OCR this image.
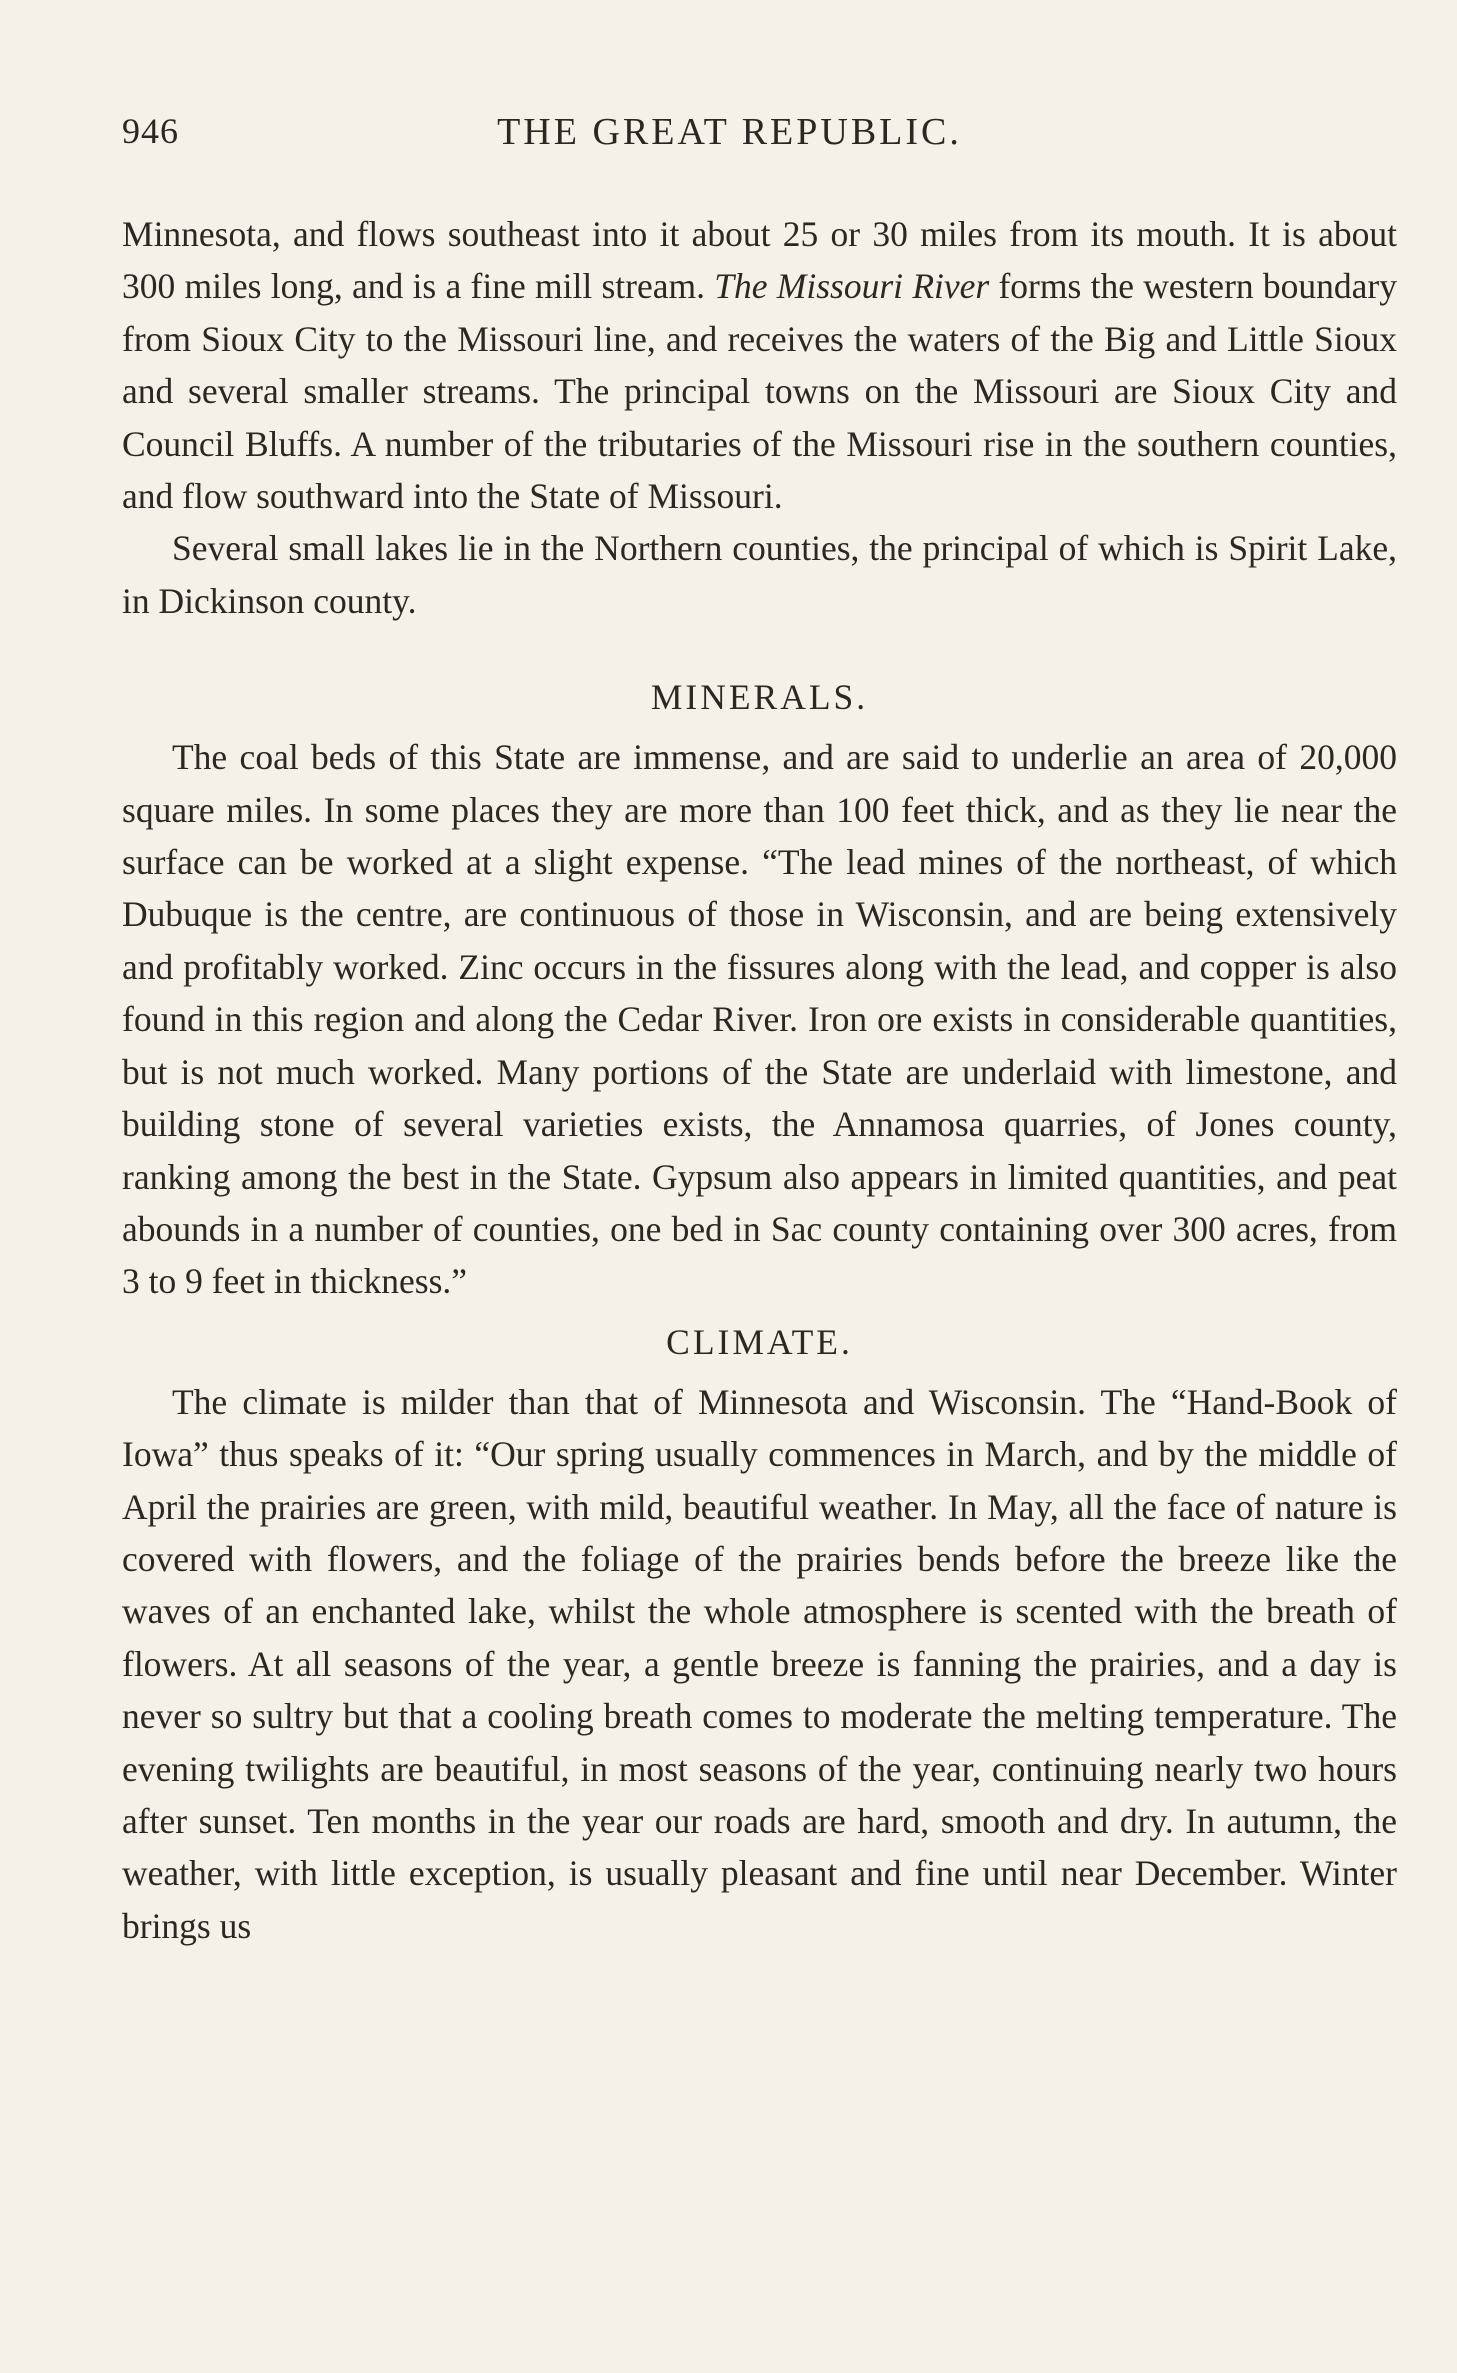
946	THE GREAT REPUBLIC.

Minnesota, and flows southeast into it about 25 or 30 miles from its mouth. It is about 300 miles long, and is a fine mill stream. The Missouri River forms the western boundary from Sioux City to the Missouri line, and receives the waters of the Big and Little Sioux and several smaller streams. The principal towns on the Missouri are Sioux City and Council Bluffs. A number of the tributaries of the Missouri rise in the southern counties, and flow southward into the State of Missouri.

Several small lakes lie in the Northern counties, the principal of which is Spirit Lake, in Dickinson county.

MINERALS.

The coal beds of this State are immense, and are said to underlie an area of 20,000 square miles. In some places they are more than 100 feet thick, and as they lie near the surface can be worked at a slight expense. “The lead mines of the northeast, of which Dubuque is the centre, are continuous of those in Wisconsin, and are being extensively and profitably worked. Zinc occurs in the fissures along with the lead, and copper is also found in this region and along the Cedar River. Iron ore exists in considerable quantities, but is not much worked. Many portions of the State are underlaid with limestone, and building stone of several varieties exists, the Annamosa quarries, of Jones county, ranking among the best in the State. Gypsum also appears in limited quantities, and peat abounds in a number of counties, one bed in Sac county containing over 300 acres, from 3 to 9 feet in thickness.”

CLIMATE.

The climate is milder than that of Minnesota and Wisconsin. The “Hand-Book of Iowa” thus speaks of it: “Our spring usually commences in March, and by the middle of April the prairies are green, with mild, beautiful weather. In May, all the face of nature is covered with flowers, and the foliage of the prairies bends before the breeze like the waves of an enchanted lake, whilst the whole atmosphere is scented with the breath of flowers. At all seasons of the year, a gentle breeze is fanning the prairies, and a day is never so sultry but that a cooling breath comes to moderate the melting temperature. The evening twilights are beautiful, in most seasons of the year, continuing nearly two hours after sunset. Ten months in the year our roads are hard, smooth and dry. In autumn, the weather, with little exception, is usually pleasant and fine until near December. Winter brings us
